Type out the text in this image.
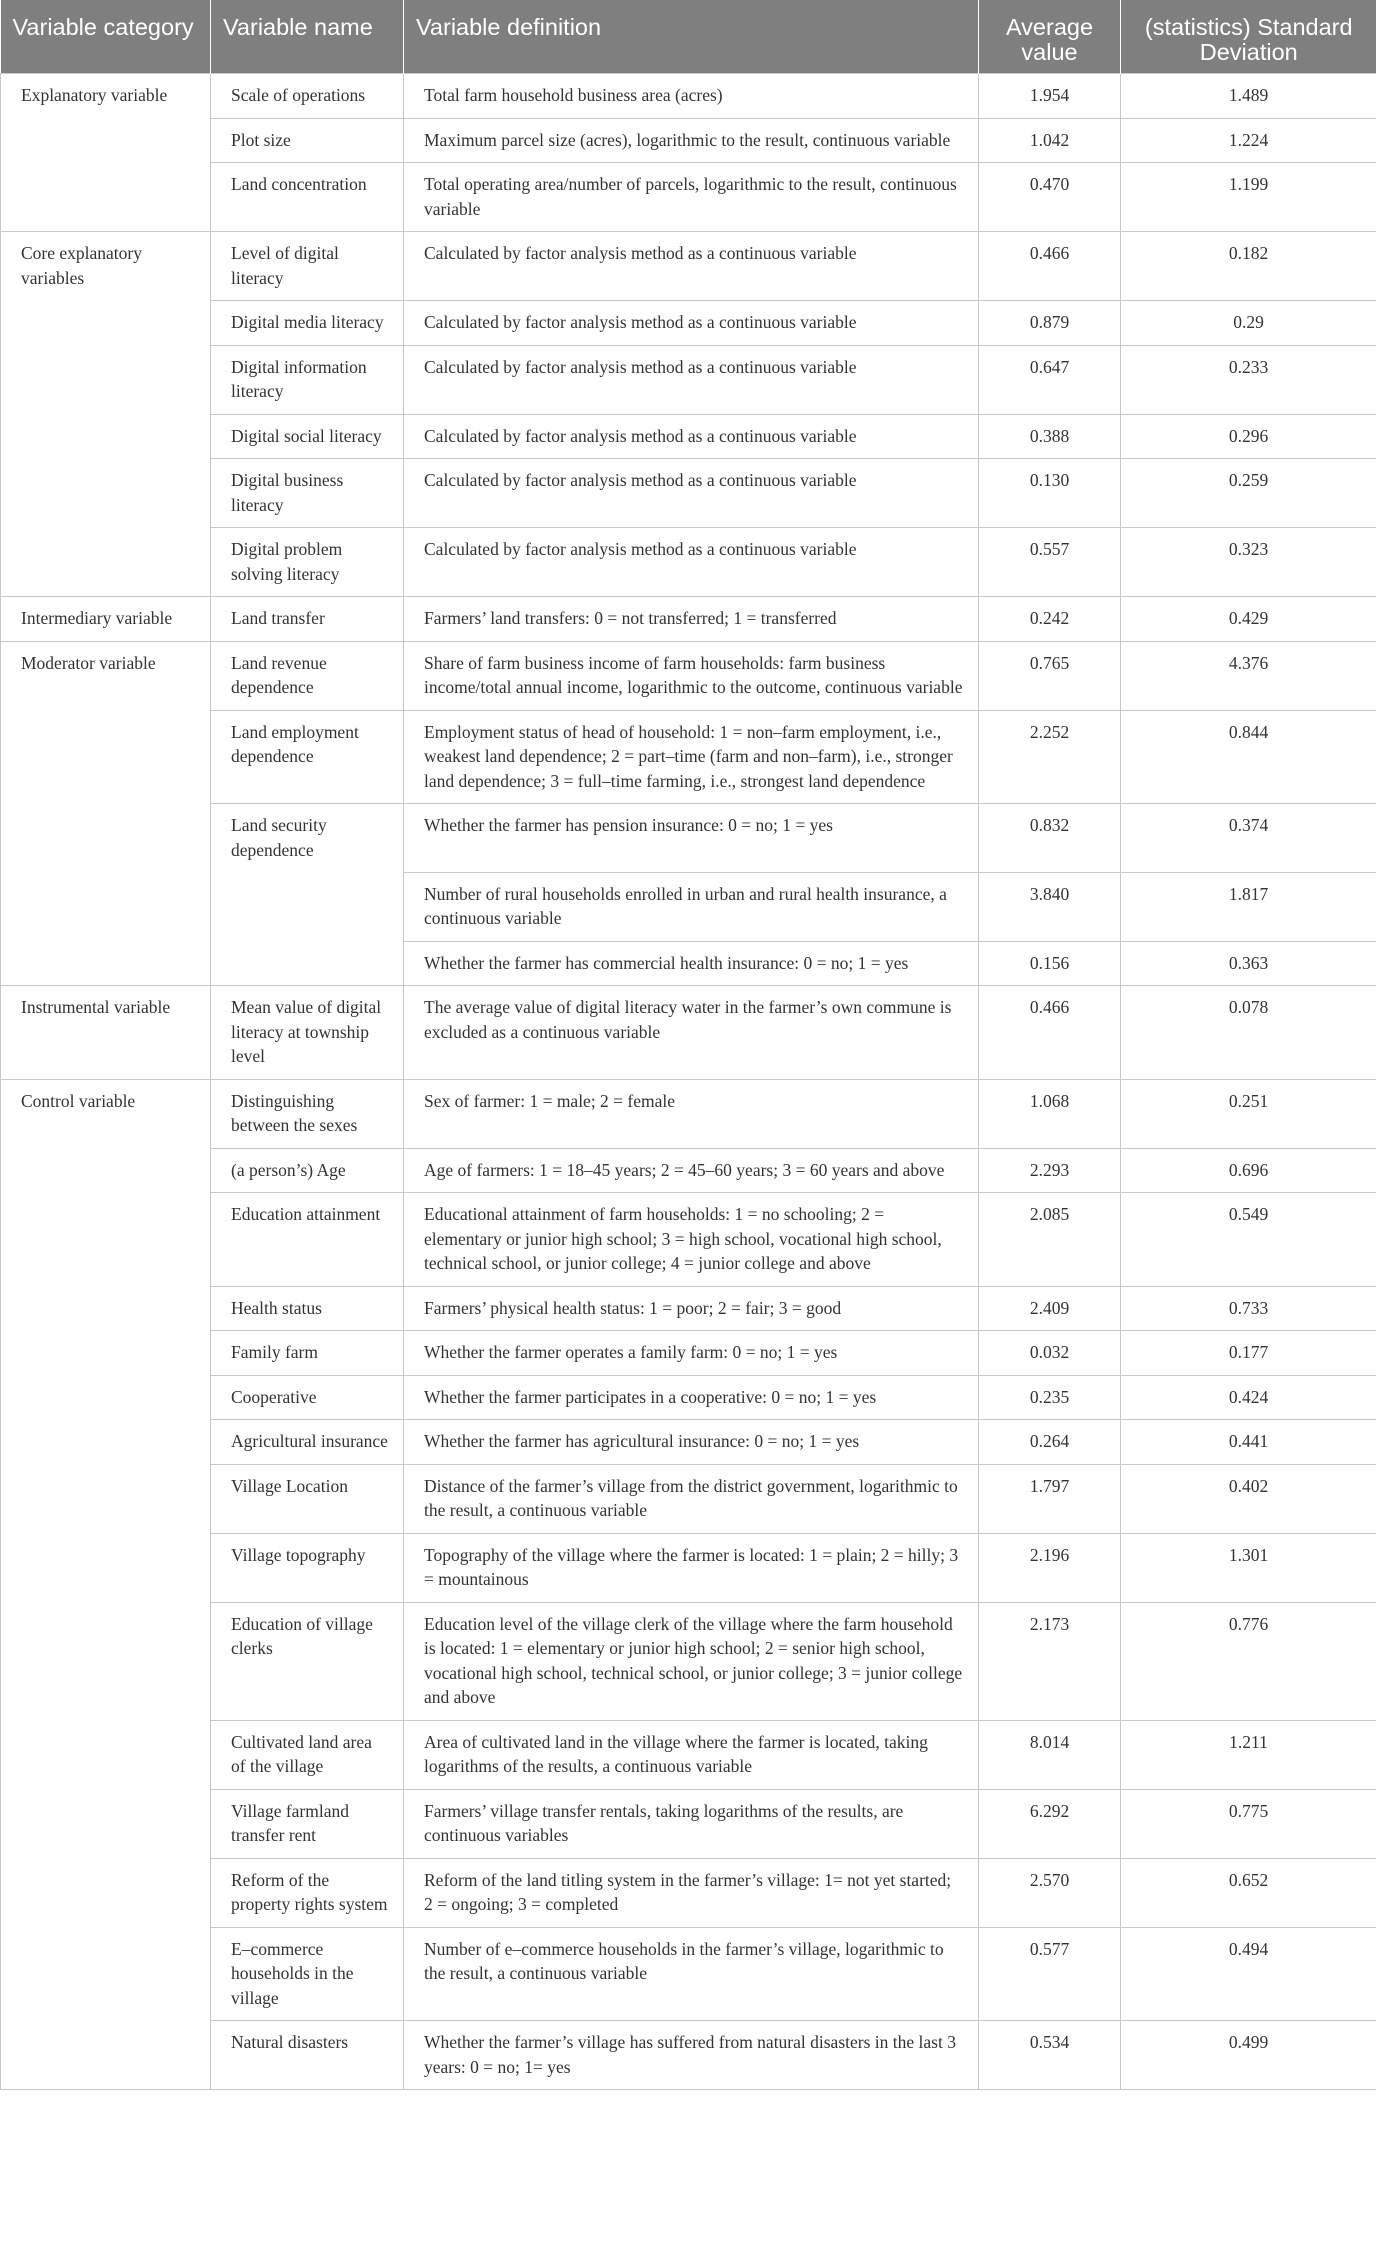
Variable category	Variable name	Variable definition	Average value	(statistics) Standard Deviation
Explanatory variable	Scale of operations	Total farm household business area (acres)	1.954	1.489
	Plot size	Maximum parcel size (acres), logarithmic to the result, continuous variable	1.042	1.224
	Land concentration	Total operating area/number of parcels, logarithmic to the result, continuous variable	0.470	1.199
Core explanatory variables	Level of digital literacy	Calculated by factor analysis method as a continuous variable	0.466	0.182
	Digital media literacy	Calculated by factor analysis method as a continuous variable	0.879	0.29
	Digital information literacy	Calculated by factor analysis method as a continuous variable	0.647	0.233
	Digital social literacy	Calculated by factor analysis method as a continuous variable	0.388	0.296
	Digital business literacy	Calculated by factor analysis method as a continuous variable	0.130	0.259
	Digital problem solving literacy	Calculated by factor analysis method as a continuous variable	0.557	0.323
Intermediary variable	Land transfer	Farmers’ land transfers: 0 = not transferred; 1 = transferred	0.242	0.429
Moderator variable	Land revenue dependence	Share of farm business income of farm households: farm business income/total annual income, logarithmic to the outcome, continuous variable	0.765	4.376
	Land employment dependence	Employment status of head of household: 1 = non–farm employment, i.e., weakest land dependence; 2 = part–time (farm and non–farm), i.e., stronger land dependence; 3 = full–time farming, i.e., strongest land dependence	2.252	0.844
	Land security dependence	Whether the farmer has pension insurance: 0 = no; 1 = yes	0.832	0.374
		Number of rural households enrolled in urban and rural health insurance, a continuous variable	3.840	1.817
		Whether the farmer has commercial health insurance: 0 = no; 1 = yes	0.156	0.363
Instrumental variable	Mean value of digital literacy at township level	The average value of digital literacy water in the farmer’s own commune is excluded as a continuous variable	0.466	0.078
Control variable	Distinguishing between the sexes	Sex of farmer: 1 = male; 2 = female	1.068	0.251
	(a person’s) Age	Age of farmers: 1 = 18–45 years; 2 = 45–60 years; 3 = 60 years and above	2.293	0.696
	Education attainment	Educational attainment of farm households: 1 = no schooling; 2 = elementary or junior high school; 3 = high school, vocational high school, technical school, or junior college; 4 = junior college and above	2.085	0.549
	Health status	Farmers’ physical health status: 1 = poor; 2 = fair; 3 = good	2.409	0.733
	Family farm	Whether the farmer operates a family farm: 0 = no; 1 = yes	0.032	0.177
	Cooperative	Whether the farmer participates in a cooperative: 0 = no; 1 = yes	0.235	0.424
	Agricultural insurance	Whether the farmer has agricultural insurance: 0 = no; 1 = yes	0.264	0.441
	Village Location	Distance of the farmer’s village from the district government, logarithmic to the result, a continuous variable	1.797	0.402
	Village topography	Topography of the village where the farmer is located: 1 = plain; 2 = hilly; 3 = mountainous	2.196	1.301
	Education of village clerks	Education level of the village clerk of the village where the farm household is located: 1 = elementary or junior high school; 2 = senior high school, vocational high school, technical school, or junior college; 3 = junior college and above	2.173	0.776
	Cultivated land area of the village	Area of cultivated land in the village where the farmer is located, taking logarithms of the results, a continuous variable	8.014	1.211
	Village farmland transfer rent	Farmers’ village transfer rentals, taking logarithms of the results, are continuous variables	6.292	0.775
	Reform of the property rights system	Reform of the land titling system in the farmer’s village: 1= not yet started; 2 = ongoing; 3 = completed	2.570	0.652
	E–commerce households in the village	Number of e–commerce households in the farmer’s village, logarithmic to the result, a continuous variable	0.577	0.494
	Natural disasters	Whether the farmer’s village has suffered from natural disasters in the last 3 years: 0 = no; 1= yes	0.534	0.499
